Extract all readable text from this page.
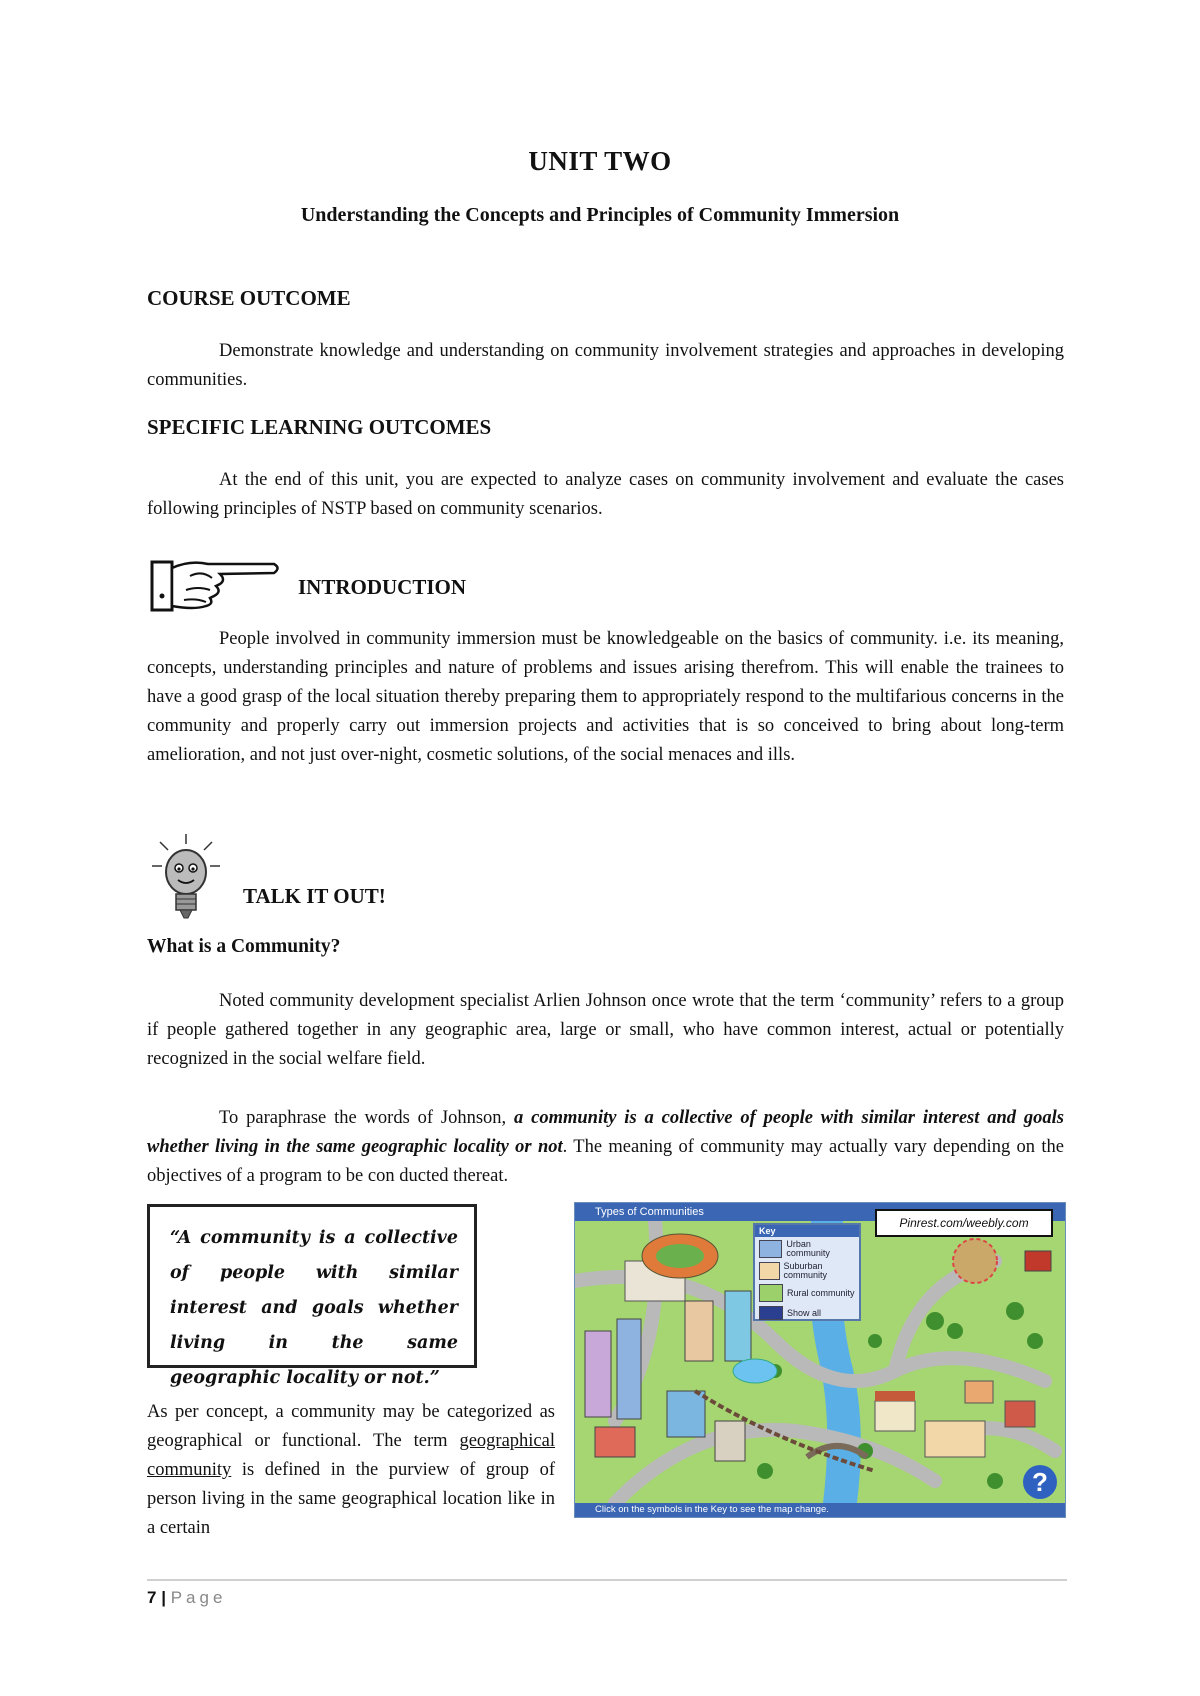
UNIT TWO
Understanding the Concepts and Principles of Community Immersion
COURSE OUTCOME
Demonstrate knowledge and understanding on community involvement strategies and approaches in developing communities.
SPECIFIC LEARNING OUTCOMES
At the end of this unit, you are expected to analyze cases on community involvement and evaluate the cases following principles of NSTP based on community scenarios.
INTRODUCTION
People involved in community immersion must be knowledgeable on the basics of community. i.e. its meaning, concepts, understanding principles and nature of problems and issues arising therefrom. This will enable the trainees to have a good grasp of the local situation thereby preparing them to appropriately respond to the multifarious concerns in the community and properly carry out immersion projects and activities that is so conceived to bring about long-term amelioration, and not just over-night, cosmetic solutions, of the social menaces and ills.
TALK IT OUT!
What is a Community?
Noted community development specialist Arlien Johnson once wrote that the term ‘community’ refers to a group if people gathered together in any geographic area, large or small, who have common interest, actual or potentially recognized in the social welfare field.
To paraphrase the words of Johnson, a community is a collective of people with similar interest and goals whether living in the same geographic locality or not. The meaning of community may actually vary depending on the objectives of a program to be con ducted thereat.
“A community is a collective of people with similar interest and goals whether living in the same geographic locality or not.”
As per concept, a community may be categorized as geographical or functional. The term geographical community is defined in the purview of group of person living in the same geographical location like in a certain
Types of Communities
Key
Urban community
Suburban community
Rural community
Show all
Pinrest.com/weebly.com
?
Click on the symbols in the Key to see the map change.
7 | Page
